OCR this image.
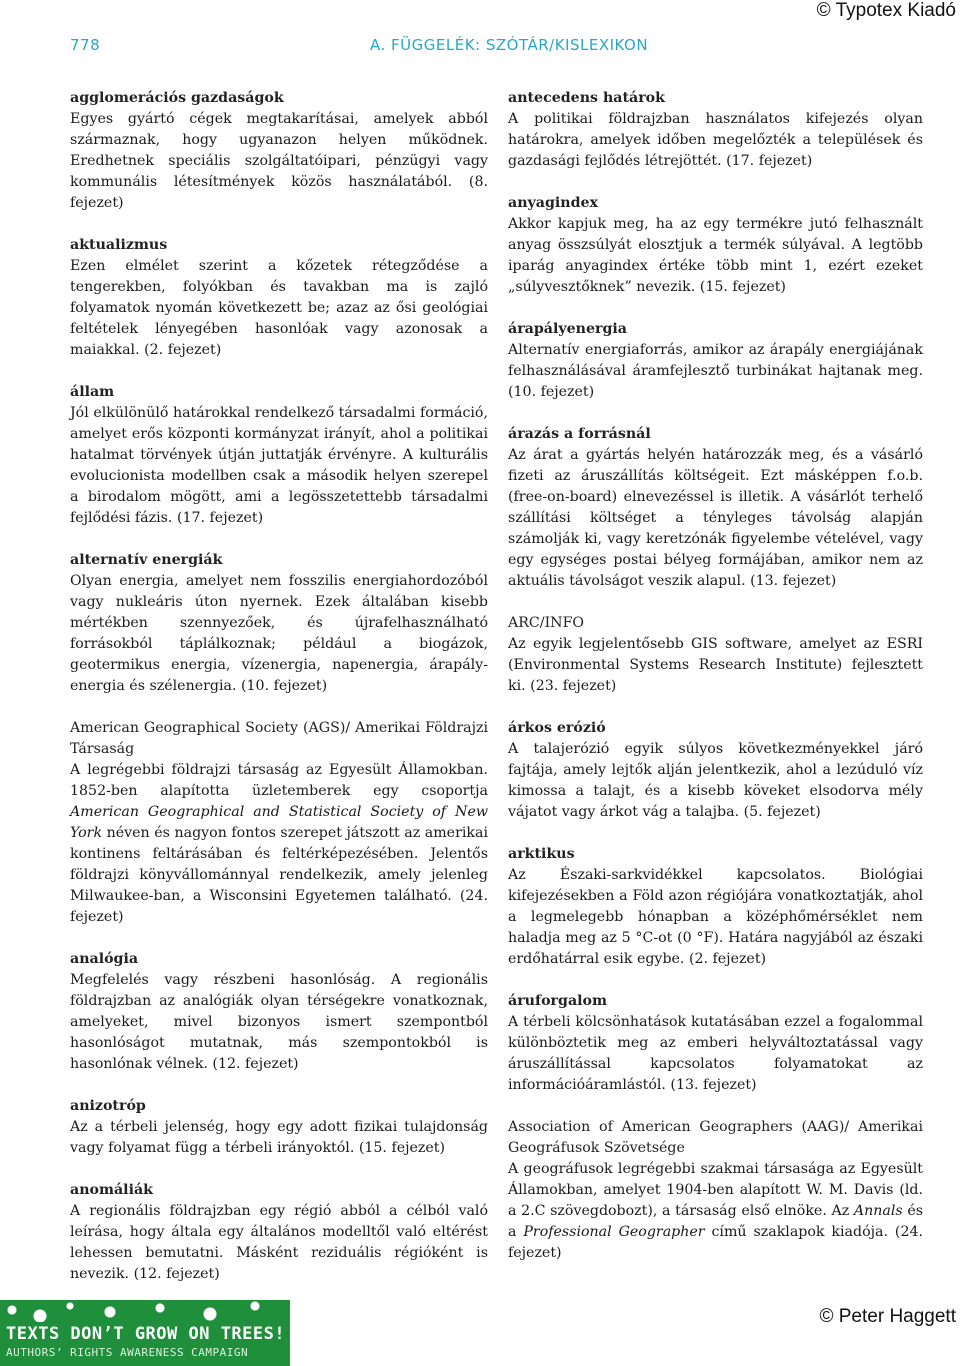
© Typotex Kiadó
778	A. FÜGGELÉK: SZÓTÁR/KISLEXIKON
agglomerációs gazdaságok
Egyes gyártó cégek megtakarításai, amelyek abból származnak, hogy ugyanazon helyen működnek. Eredhetnek speciális szolgáltatóipari, pénzügyi vagy kommunális létesítmények közös használatából. (8. fejezet)
aktualizmus
Ezen elmélet szerint a kőzetek rétegződése a tengerekben, folyókban és tavakban ma is zajló folyamatok nyomán következett be; azaz az ősi geológiai feltételek lényegében hasonlóak vagy azonosak a maiakkal. (2. fejezet)
állam
Jól elkülönülő határokkal rendelkező társadalmi formáció, amelyet erős központi kormányzat irányít, ahol a politikai hatalmat törvények útján juttatják érvényre. A kulturális evolucionista modellben csak a második helyen szerepel a birodalom mögött, ami a legösszetettebb társadalmi fejlődési fázis. (17. fejezet)
alternatív energiák
Olyan energia, amelyet nem fosszilis energiahordozóból vagy nukleáris úton nyernek. Ezek általában kisebb mértékben szennyezőek, és újrafelhasználható forrásokból táplálkoznak; például a biogázok, geotermikus energia, vízenergia, napenergia, árapály-energia és szélenergia. (10. fejezet)
American Geographical Society (AGS)/ Amerikai Földrajzi Társaság
A legrégebbi földrajzi társaság az Egyesült Államokban. 1852-ben alapította üzletemberek egy csoportja American Geographical and Statistical Society of New York néven és nagyon fontos szerepet játszott az amerikai kontinens feltárásában és feltérképezésében. Jelentős földrajzi könyvállománnyal rendelkezik, amely jelenleg Milwaukee-ban, a Wisconsini Egyetemen található. (24. fejezet)
analógia
Megfelelés vagy részbeni hasonlóság. A regionális földrajzban az analógiák olyan térségekre vonatkoznak, amelyeket, mivel bizonyos ismert szempontból hasonlóságot mutatnak, más szempontokból is hasonlónak vélnek. (12. fejezet)
anizotróp
Az a térbeli jelenség, hogy egy adott fizikai tulajdonság vagy folyamat függ a térbeli irányoktól. (15. fejezet)
anomáliák
A regionális földrajzban egy régió abból a célból való leírása, hogy általa egy általános modelltől való eltérést lehessen bemutatni. Másként reziduális régióként is nevezik. (12. fejezet)
antecedens határok
A politikai földrajzban használatos kifejezés olyan határokra, amelyek időben megelőzték a települések és gazdasági fejlődés létrejöttét. (17. fejezet)
anyagindex
Akkor kapjuk meg, ha az egy termékre jutó felhasznált anyag összsúlyát elosztjuk a termék súlyával. A legtöbb iparág anyagindex értéke több mint 1, ezért ezeket „súlyvesztőknek” nevezik. (15. fejezet)
árapályenergia
Alternatív energiaforrás, amikor az árapály energiájának felhasználásával áramfejlesztő turbinákat hajtanak meg. (10. fejezet)
árazás a forrásnál
Az árat a gyártás helyén határozzák meg, és a vásárló fizeti az áruszállítás költségeit. Ezt másképpen f.o.b. (free-on-board) elnevezéssel is illetik. A vásárlót terhelő szállítási költséget a tényleges távolság alapján számolják ki, vagy keretzónák figyelembe vételével, vagy egy egységes postai bélyeg formájában, amikor nem az aktuális távolságot veszik alapul. (13. fejezet)
ARC/INFO
Az egyik legjelentősebb GIS software, amelyet az ESRI (Environmental Systems Research Institute) fejlesztett ki. (23. fejezet)
árkos erózió
A talajerózió egyik súlyos következményekkel járó fajtája, amely lejtők alján jelentkezik, ahol a lezúduló víz kimossa a talajt, és a kisebb köveket elsodorva mély vájatot vagy árkot vág a talajba. (5. fejezet)
arktikus
Az Északi-sarkvidékkel kapcsolatos. Biológiai kifejezésekben a Föld azon régiójára vonatkoztatják, ahol a legmelegebb hónapban a középhőmérséklet nem haladja meg az 5 °C-ot (0 °F). Határa nagyjából az északi erdőhatárral esik egybe. (2. fejezet)
áruforgalom
A térbeli kölcsönhatások kutatásában ezzel a fogalommal különböztetik meg az emberi helyváltoztatással vagy áruszállítással kapcsolatos folyamatokat az információáramlástól. (13. fejezet)
Association of American Geographers (AAG)/ Amerikai Geográfusok Szövetsége
A geográfusok legrégebbi szakmai társasága az Egyesült Államokban, amelyet 1904-ben alapított W. M. Davis (ld. a 2.C szövegdobozt), a társaság első elnöke. Az Annals és a Professional Geographer című szaklapok kiadója. (24. fejezet)
TEXTS DON’T GROW ON TREES!
AUTHORS’ RIGHTS AWARENESS CAMPAIGN
© Peter Haggett
